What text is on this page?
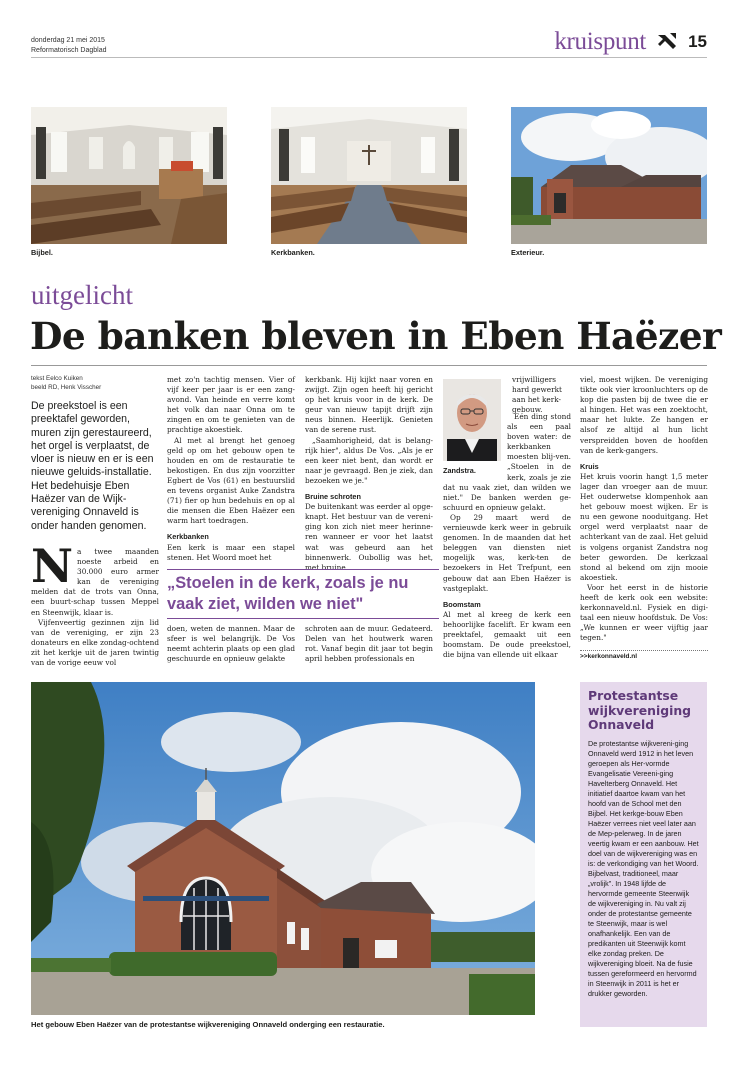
donderdag 21 mei 2015
Reformatorisch Dagblad	kruispunt 15
Bijbel.	Kerkbanken.	Exterieur.
uitgelicht
De banken bleven in Eben Haëzer
tekst Eelco Kuiken
beeld RD, Henk Visscher
De preekstoel is een preektafel geworden, muren zijn gerestaureerd, het orgel is verplaatst, de vloer is nieuw en er is een nieuwe geluids-installatie. Het bedehuisje Eben Haëzer van de Wijk-vereniging Onnaveld is onder handen genomen.
N a twee maanden noeste arbeid en 30.000 euro armer kan de vereniging melden dat de trots van Onna, een buurt-schap tussen Meppel en Steenwijk, klaar is.

Vijfenveertig gezinnen zijn lid van de vereniging, er zijn 23 donateurs en elke zondag-ochtend zit het kerkje uit de jaren twintig van de vorige eeuw vol

met zo'n tachtig mensen. Vier of vijf keer per jaar is er een zang-avond. Van heinde en verre komt het volk dan naar Onna om te zingen en om te genieten van de prachtige akoestiek.

Al met al brengt het genoeg geld op om het gebouw open te houden en om de restauratie te bekostigen. En dus zijn voorzitter Egbert de Vos (61) en bestuurslid en tevens organist Auke Zandstra (71) fier op hun bedehuis en op al die mensen die Eben Haëzer een warm hart toedragen.

Kerkbanken

Een kerk is maar een stapel stenen. Het Woord moet het

doen, weten de mannen. Maar de sfeer is wel belangrijk. De Vos neemt achterin plaats op een glad geschuurde en opnieuw gelakte

kerkbank. Hij kijkt naar voren en zwijgt. Zijn ogen heeft hij gericht op het kruis voor in de kerk. De geur van nieuw tapijt drijft zijn neus binnen. Heerlijk. Genieten van de serene rust.

„Saamhorigheid, dat is belang-rijk hier", aldus De Vos. „Als je er een keer niet bent, dan wordt er naar je gevraagd. Ben je ziek, dan bezoeken we je."

Bruine schroten

De buitenkant was eerder al opge-knapt. Het bestuur van de vereni-ging kon zich niet meer herinne-ren wanneer er voor het laatst wat was gebeurd aan het binnenwerk. Oubollig was het, met bruine

schroten aan de muur. Gedateerd. Delen van het houtwerk waren rot. Vanaf begin dit jaar tot begin april hebben professionals en

„Stoelen in de kerk, zoals je nu vaak ziet, wilden we niet"
Zandstra.

vrijwilligers hard gewerkt aan het kerk-gebouw.

Eén ding stond als een paal boven water: de kerkbanken moesten blij-ven. „Stoelen in de kerk, zoals je zie dat nu vaak ziet, dan wilden we niet." De banken werden ge-schuurd en opnieuw gelakt.

Op 29 maart werd de vernieuwde kerk weer in gebruik genomen. In de maanden dat het beleggen van diensten niet mogelijk was, kerk-ten de bezoekers in Het Trefpunt, een gebouw dat aan Eben Haëzer is vastgeplakt.

Boomstam

Al met al kreeg de kerk een behoorlijke facelift. Er kwam een preektafel, gemaakt uit een boomstam. De oude preekstoel, die bijna van ellende uit elkaar

viel, moest wijken. De vereniging tikte ook vier kroonluchters op de kop die pasten bij de twee die er al hingen. Het was een zoektocht, maar het lukte. Ze hangen er alsof ze altijd al hun licht verspreidden boven de hoofden van de kerk-gangers.

Kruis

Het kruis voorin hangt 1,5 meter lager dan vroeger aan de muur. Het ouderwetse klompenhok aan het gebouw moest wijken. Er is nu een gewone nooduitgang. Het orgel werd verplaatst naar de achterkant van de zaal. Het geluid is volgens organist Zandstra nog beter geworden. De kerkzaal stond al bekend om zijn mooie akoestiek.

Voor het eerst in de historie heeft de kerk ook een website: kerkonnaveld.nl. Fysiek en digi-taal een nieuw hoofdstuk. De Vos: „We kunnen er weer vijftig jaar tegen."

>>kerkonnaveld.nl
Het gebouw Eben Haëzer van de protestantse wijkvereniging Onnaveld onderging een restauratie.
Protestantse wijkvereniging Onnaveld

De protestantse wijkvereni-ging Onnaveld werd 1912 in het leven geroepen als Her-vormde Evangelisatie Vereeni-ging Havelterberg Onnaveld. Het initiatief daartoe kwam van het hoofd van de School met den Bijbel. Het kerkge-bouw Eben Haëzer verrees niet veel later aan de Mep-pelerweg. In de jaren veertig kwam er een aanbouw. Het doel van de wijkvereniging was en is: de verkondiging van het Woord. Bijbelvast, traditioneel, maar „vrolijk". In 1948 lijfde de hervormde gemeente Steenwijk de wijkvereniging in. Nu valt zij onder de protestantse gemeente te Steenwijk, maar is wel onafhankelijk. Een van de predikanten uit Steenwijk komt elke zondag preken. De wijkvereniging bloeit. Na de fusie tussen gereformeerd en hervormd in Steenwijk in 2011 is het er drukker geworden.
